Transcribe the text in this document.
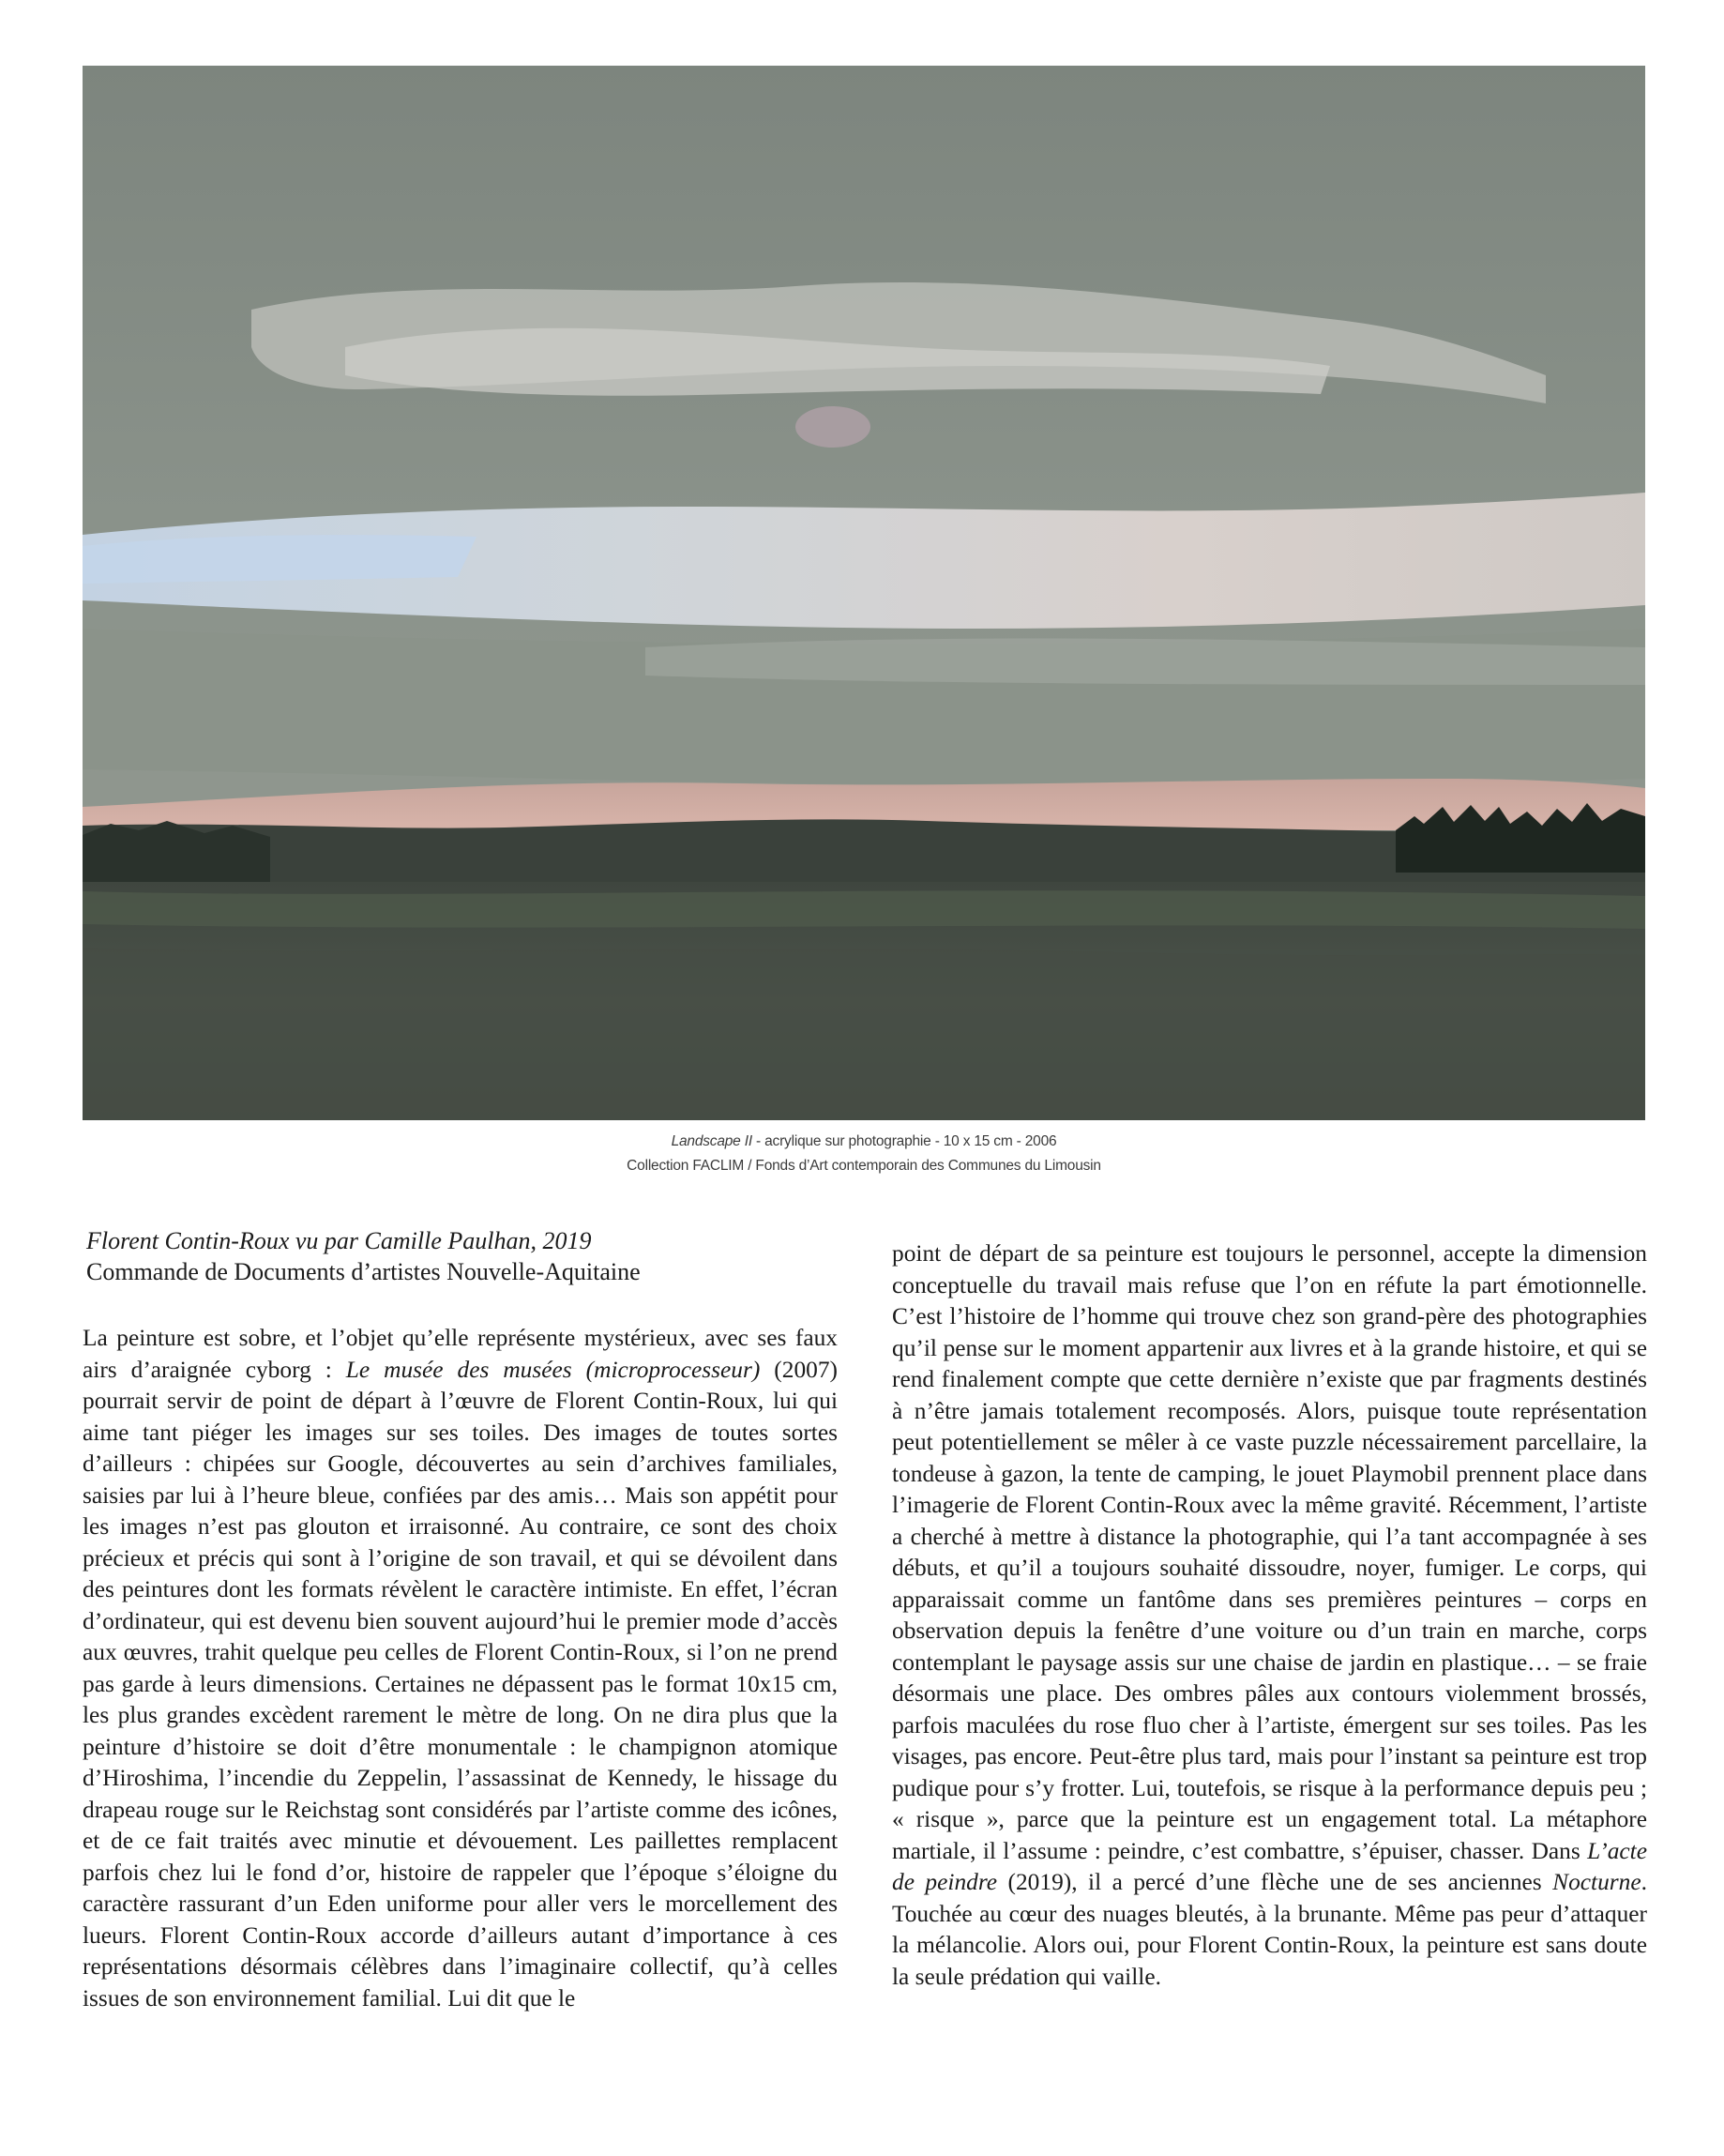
Landscape II - acrylique sur photographie - 10 x 15 cm - 2006
Collection FACLIM / Fonds d’Art contemporain des Communes du Limousin
Florent Contin-Roux vu par Camille Paulhan, 2019
Commande de Documents d’artistes Nouvelle-Aquitaine

La peinture est sobre, et l’objet qu’elle représente mystérieux, avec ses faux airs d’araignée cyborg : Le musée des musées (microprocesseur) (2007) pourrait servir de point de départ à l’œuvre de Florent Contin-Roux, lui qui aime tant piéger les images sur ses toiles. Des images de toutes sortes d’ailleurs : chipées sur Google, découvertes au sein d’archives familiales, saisies par lui à l’heure bleue, confiées par des amis… Mais son appétit pour les images n’est pas glouton et irraisonné. Au contraire, ce sont des choix précieux et précis qui sont à l’origine de son travail, et qui se dévoilent dans des peintures dont les formats révèlent le caractère intimiste. En effet, l’écran d’ordinateur, qui est devenu bien souvent aujourd’hui le premier mode d’accès aux œuvres, trahit quelque peu celles de Florent Contin-Roux, si l’on ne prend pas garde à leurs dimensions. Certaines ne dépassent pas le format 10x15 cm, les plus grandes excèdent rarement le mètre de long. On ne dira plus que la peinture d’histoire se doit d’être monumentale : le champignon atomique d’Hiroshima, l’incendie du Zeppelin, l’assassinat de Kennedy, le hissage du drapeau rouge sur le Reichstag sont considérés par l’artiste comme des icônes, et de ce fait traités avec minutie et dévouement. Les paillettes remplacent parfois chez lui le fond d’or, histoire de rappeler que l’époque s’éloigne du caractère rassurant d’un Eden uniforme pour aller vers le morcellement des lueurs. Florent Contin-Roux accorde d’ailleurs autant d’importance à ces représentations désormais célèbres dans l’imaginaire collectif, qu’à celles issues de son environnement familial. Lui dit que le

point de départ de sa peinture est toujours le personnel, accepte la dimension conceptuelle du travail mais refuse que l’on en réfute la part émotionnelle. C’est l’histoire de l’homme qui trouve chez son grand-père des photographies qu’il pense sur le moment appartenir aux livres et à la grande histoire, et qui se rend finalement compte que cette dernière n’existe que par fragments destinés à n’être jamais totalement recomposés. Alors, puisque toute représentation peut potentiellement se mêler à ce vaste puzzle nécessairement parcellaire, la tondeuse à gazon, la tente de camping, le jouet Playmobil prennent place dans l’imagerie de Florent Contin-Roux avec la même gravité. Récemment, l’artiste a cherché à mettre à distance la photographie, qui l’a tant accompagnée à ses débuts, et qu’il a toujours souhaité dissoudre, noyer, fumiger. Le corps, qui apparaissait comme un fantôme dans ses premières peintures – corps en observation depuis la fenêtre d’une voiture ou d’un train en marche, corps contemplant le paysage assis sur une chaise de jardin en plastique… – se fraie désormais une place. Des ombres pâles aux contours violemment brossés, parfois maculées du rose fluo cher à l’artiste, émergent sur ses toiles. Pas les visages, pas encore. Peut-être plus tard, mais pour l’instant sa peinture est trop pudique pour s’y frotter. Lui, toutefois, se risque à la performance depuis peu ; « risque », parce que la peinture est un engagement total. La métaphore martiale, il l’assume : peindre, c’est combattre, s’épuiser, chasser. Dans L’acte de peindre (2019), il a percé d’une flèche une de ses anciennes Nocturne. Touchée au cœur des nuages bleutés, à la brunante. Même pas peur d’attaquer la mélancolie. Alors oui, pour Florent Contin-Roux, la peinture est sans doute la seule prédation qui vaille.
